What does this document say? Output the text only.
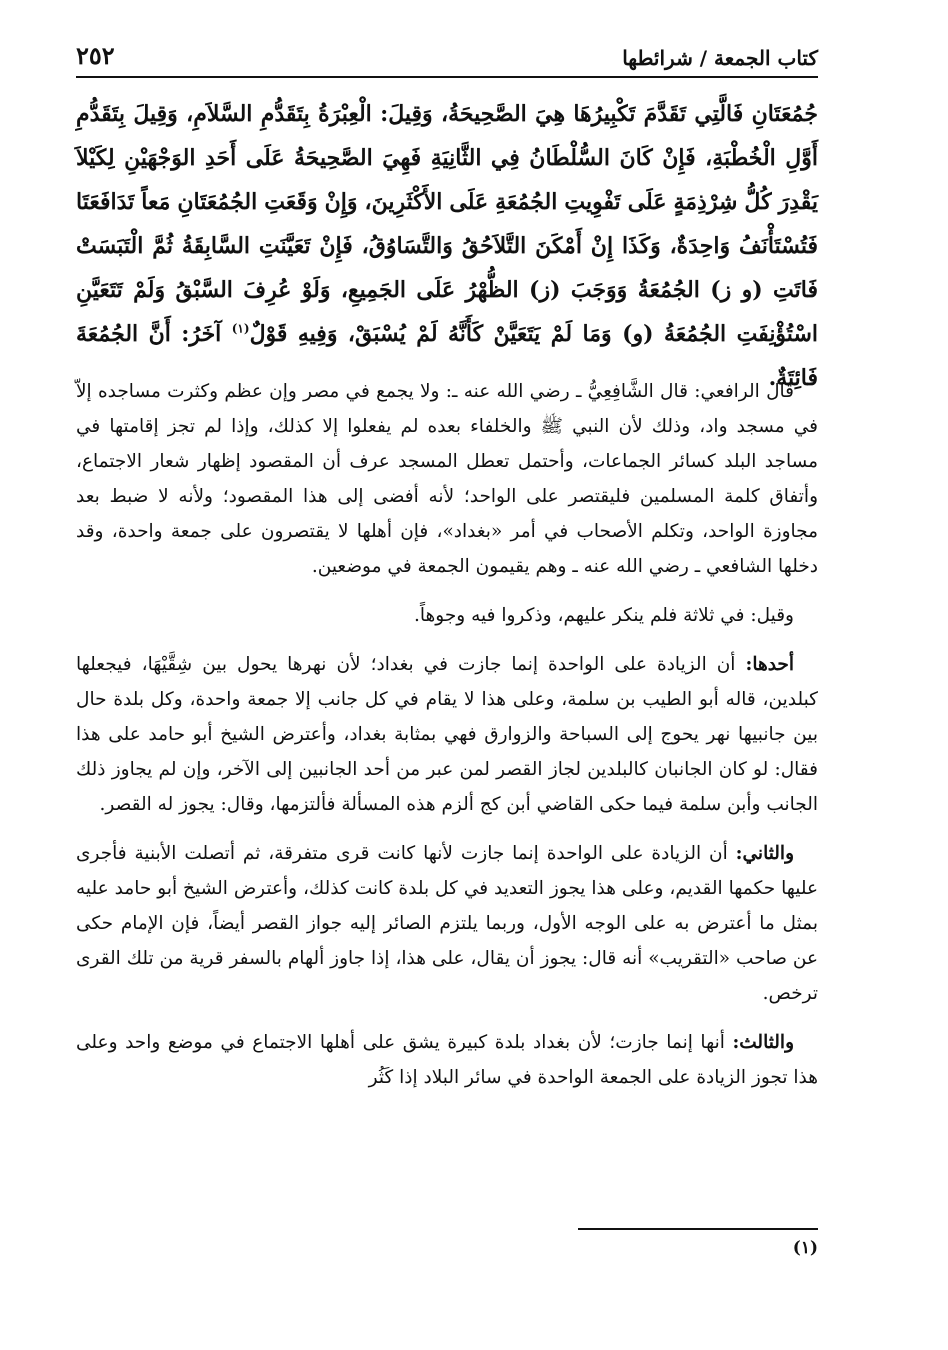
كتاب الجمعة / شرائطها
٢٥٢

جُمُعَتَانِ فَالَّتِي تَقَدَّمَ تَكْبِيرُهَا هِيَ الصَّحِيحَةُ، وَقِيلَ: الْعِبْرَةُ بِتَقَدُّمِ السَّلاَمِ، وَقِيلَ بِتَقَدُّمِ أَوَّلِ الْخُطْبَةِ، فَإِنْ كَانَ السُّلْطَانُ فِي الثَّانِيَةِ فَهِيَ الصَّحِيحَةُ عَلَى أَحَدِ الوَجْهَيْنِ لِكَيْلاَ يَقْدِرَ كُلُّ شِرْذِمَةٍ عَلَى تَفْوِيتِ الجُمُعَةِ عَلَى الأَكْثَرِينَ، وَإِنْ وَقَعَتِ الجُمُعَتَانِ مَعاً تَدَافَعَتَا فَتُسْتَأْنَفُ وَاحِدَةٌ، وَكَذَا إِنْ أَمْكَنَ التَّلاَحُقُ وَالتَّسَاوُقُ، فَإِنْ تَعَيَّنَتِ السَّابِقَةُ ثُمَّ الْتَبَسَتْ فَاتَتِ (و ز) الجُمُعَةُ وَوَجَبَ (ز) الظُّهْرُ عَلَى الجَمِيعِ، وَلَوْ عُرِفَ السَّبْقُ وَلَمْ تَتَعَيَّنِ اسْتُؤْنِفَتِ الجُمُعَةُ (و) وَمَا لَمْ يَتَعَيَّنْ كَأَنَّهُ لَمْ يُسْبَقْ، وَفِيهِ قَوْلٌ$^{(١)}$ آخَرُ: أَنَّ الجُمُعَةَ فَائِتَةٌ.

قال الرافعي: قال الشَّافِعِيُّ ـ رضي الله عنه ـ: ولا يجمع في مصر وإن عظم وكثرت مساجده إلاّ في مسجد واد، وذلك لأن النبي ﷺ والخلفاء بعده لم يفعلوا إلا كذلك، وإذا لم تجز إقامتها في مساجد البلد كسائر الجماعات، وأحتمل تعطل المسجد عرف أن المقصود إظهار شعار الاجتماع، وأتفاق كلمة المسلمين فليقتصر على الواحد؛ لأنه أفضى إلى هذا المقصود؛ ولأنه لا ضبط بعد مجاوزة الواحد، وتكلم الأصحاب في أمر «بغداد»، فإن أهلها لا يقتصرون على جمعة واحدة، وقد دخلها الشافعي ـ رضي الله عنه ـ وهم يقيمون الجمعة في موضعين.

وقيل: في ثلاثة فلم ينكر عليهم، وذكروا فيه وجوهاً.

أحدها: أن الزيادة على الواحدة إنما جازت في بغداد؛ لأن نهرها يحول بين شِقَّيْهَا، فيجعلها كبلدين، قاله أبو الطيب بن سلمة، وعلى هذا لا يقام في كل جانب إلا جمعة واحدة، وكل بلدة حال بين جانبيها نهر يحوج إلى السباحة والزوارق فهي بمثابة بغداد، وأعترض الشيخ أبو حامد على هذا فقال: لو كان الجانبان كالبلدين لجاز القصر لمن عبر من أحد الجانبين إلى الآخر، وإن لم يجاوز ذلك الجانب وأبن سلمة فيما حكى القاضي أبن كج ألزم هذه المسألة فألتزمها، وقال: يجوز له القصر.

والثاني: أن الزيادة على الواحدة إنما جازت لأنها كانت قرى متفرقة، ثم أتصلت الأبنية فأجرى عليها حكمها القديم، وعلى هذا يجوز التعديد في كل بلدة كانت كذلك، وأعترض الشيخ أبو حامد عليه بمثل ما أعترض به على الوجه الأول، وربما يلتزم الصائر إليه جواز القصر أيضاً، فإن الإمام حكى عن صاحب «التقريب» أنه قال: يجوز أن يقال، على هذا، إذا جاوز ألهام بالسفر قرية من تلك القرى ترخص.

والثالث: أنها إنما جازت؛ لأن بغداد بلدة كبيرة يشق على أهلها الاجتماع في موضع واحد وعلى هذا تجوز الزيادة على الجمعة الواحدة في سائر البلاد إذا كَثُر

(١)
